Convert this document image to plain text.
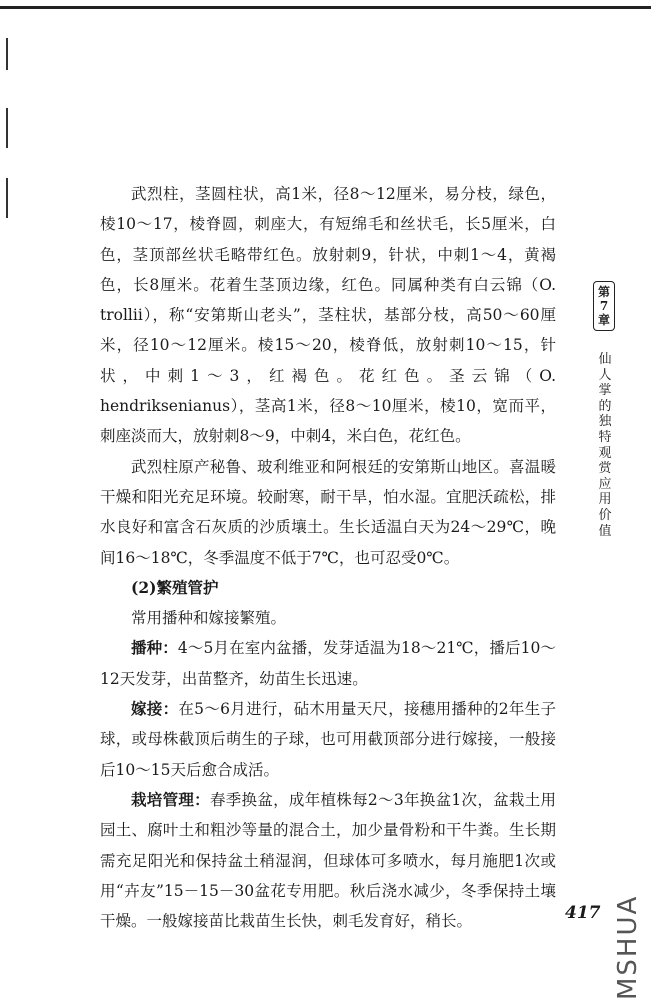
武烈柱，茎圆柱状，高1米，径8～12厘米，易分枝，绿色，棱10～17，棱脊圆，刺座大，有短绵毛和丝状毛，长5厘米，白色，茎顶部丝状毛略带红色。放射刺9，针状，中刺1～4，黄褐色，长8厘米。花着生茎顶边缘，红色。同属种类有白云锦（O. trollii），称“安第斯山老头”，茎柱状，基部分枝，高50～60厘米，径10～12厘米。棱15～20，棱脊低，放射刺10～15，针状，中刺1～3，红褐色。花红色。圣云锦（O. hendriksenianus），茎高1米，径8～10厘米，棱10，宽而平，刺座淡而大，放射刺8～9，中刺4，米白色，花红色。

武烈柱原产秘鲁、玻利维亚和阿根廷的安第斯山地区。喜温暖干燥和阳光充足环境。较耐寒，耐干旱，怕水湿。宜肥沃疏松，排水良好和富含石灰质的沙质壤土。生长适温白天为24～29℃，晚间16～18℃，冬季温度不低于7℃，也可忍受0℃。

(2)繁殖管护

常用播种和嫁接繁殖。

播种：4～5月在室内盆播，发芽适温为18～21℃，播后10～12天发芽，出苗整齐，幼苗生长迅速。

嫁接：在5～6月进行，砧木用量天尺，接穗用播种的2年生子球，或母株截顶后萌生的子球，也可用截顶部分进行嫁接，一般接后10～15天后愈合成活。

栽培管理：春季换盆，成年植株每2～3年换盆1次，盆栽土用园土、腐叶土和粗沙等量的混合土，加少量骨粉和干牛粪。生长期需充足阳光和保持盆土稍湿润，但球体可多喷水，每月施肥1次或用“卉友”15－15－30盆花专用肥。秋后浇水减少，冬季保持土壤干燥。一般嫁接苗比栽苗生长快，刺毛发育好，稍长。

第
7
章
仙人掌的独特观赏应用价值
417 MSHUA
